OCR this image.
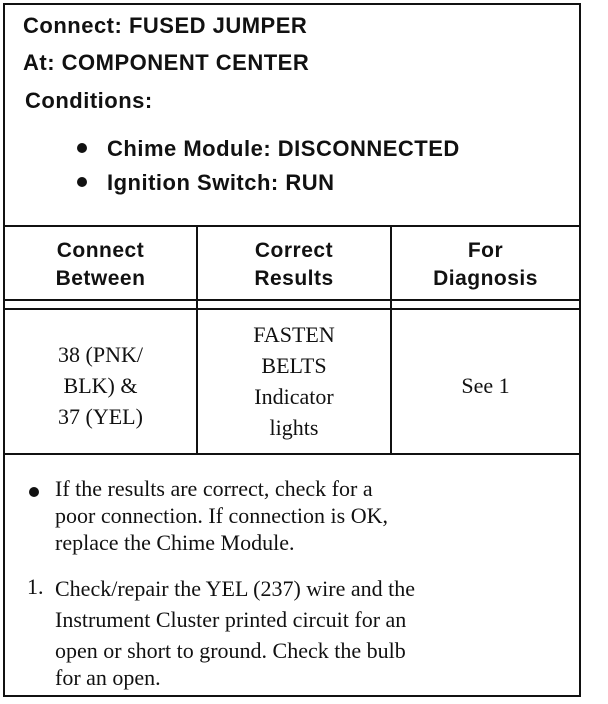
Connect: FUSED JUMPER
At: COMPONENT CENTER
Conditions:
Chime Module: DISCONNECTED
Ignition Switch: RUN
Connect
Between
Correct
Results
For
Diagnosis
38 (PNK/
BLK) &
37 (YEL)
FASTEN
BELTS
Indicator
lights
See 1
If the results are correct, check for a
poor connection. If connection is OK,
replace the Chime Module.
1. Check/repair the YEL (237) wire and the
Instrument Cluster printed circuit for an
open or short to ground. Check the bulb
for an open.
